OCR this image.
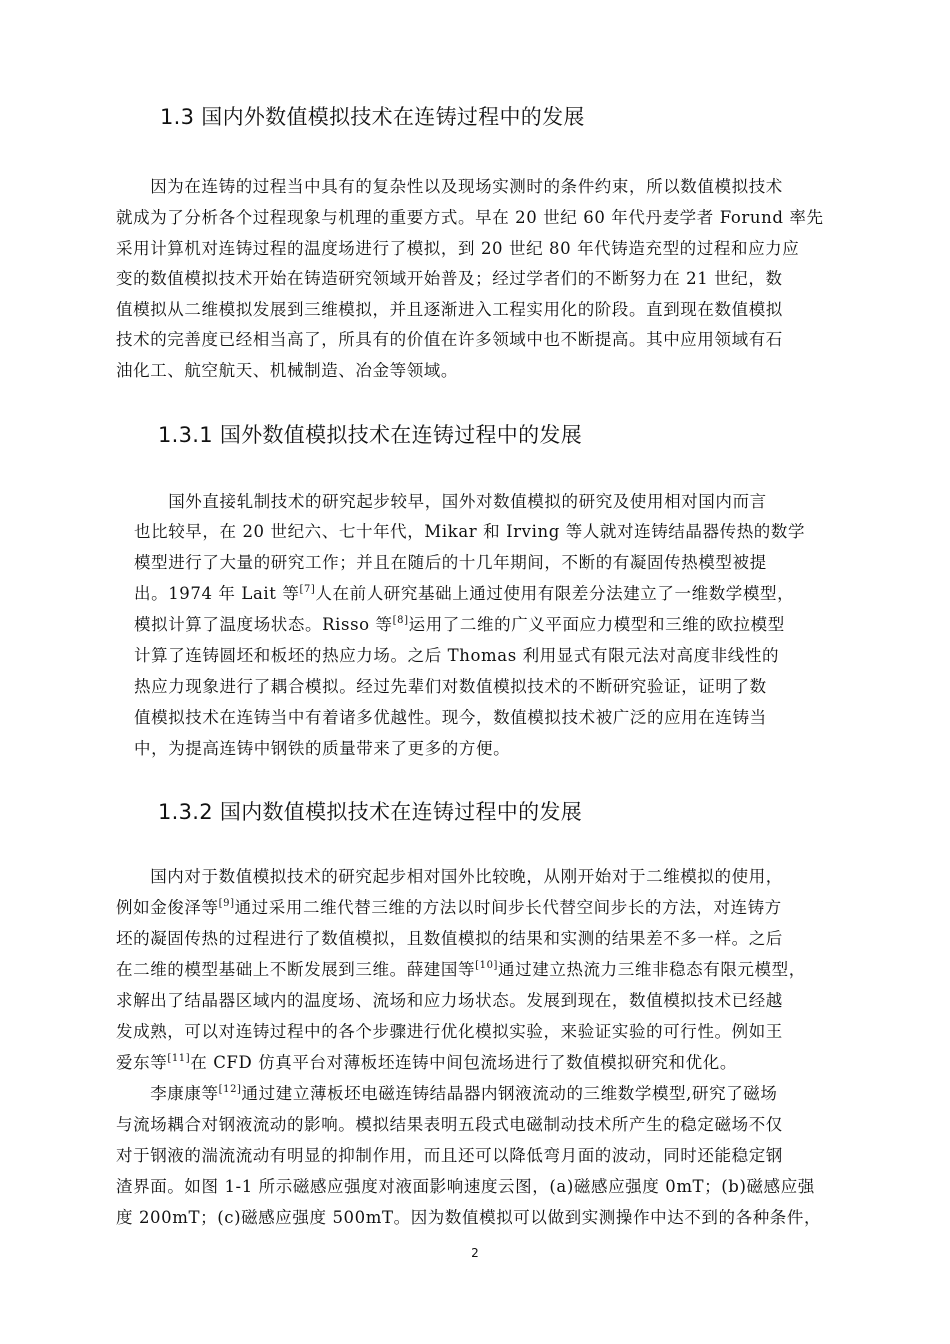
1.3 国内外数值模拟技术在连铸过程中的发展
　　因为在连铸的过程当中具有的复杂性以及现场实测时的条件约束，所以数值模拟技术
就成为了分析各个过程现象与机理的重要方式。早在 20 世纪 60 年代丹麦学者 Forund 率先
采用计算机对连铸过程的温度场进行了模拟，到 20 世纪 80 年代铸造充型的过程和应力应
变的数值模拟技术开始在铸造研究领域开始普及；经过学者们的不断努力在 21 世纪，数
值模拟从二维模拟发展到三维模拟，并且逐渐进入工程实用化的阶段。直到现在数值模拟
技术的完善度已经相当高了，所具有的价值在许多领域中也不断提高。其中应用领域有石
油化工、航空航天、机械制造、冶金等领域。
1.3.1 国外数值模拟技术在连铸过程中的发展
　　国外直接轧制技术的研究起步较早，国外对数值模拟的研究及使用相对国内而言
也比较早，在 20 世纪六、七十年代，Mikar 和 Irving 等人就对连铸结晶器传热的数学
模型进行了大量的研究工作；并且在随后的十几年期间，不断的有凝固传热模型被提
出。1974 年 Lait 等[7]人在前人研究基础上通过使用有限差分法建立了一维数学模型，
模拟计算了温度场状态。Risso 等[8]运用了二维的广义平面应力模型和三维的欧拉模型
计算了连铸圆坯和板坯的热应力场。之后 Thomas 利用显式有限元法对高度非线性的
热应力现象进行了耦合模拟。经过先辈们对数值模拟技术的不断研究验证，证明了数
值模拟技术在连铸当中有着诸多优越性。现今，数值模拟技术被广泛的应用在连铸当
中，为提高连铸中钢铁的质量带来了更多的方便。
1.3.2 国内数值模拟技术在连铸过程中的发展
　　国内对于数值模拟技术的研究起步相对国外比较晚，从刚开始对于二维模拟的使用，
例如金俊泽等[9]通过采用二维代替三维的方法以时间步长代替空间步长的方法，对连铸方
坯的凝固传热的过程进行了数值模拟，且数值模拟的结果和实测的结果差不多一样。之后
在二维的模型基础上不断发展到三维。薛建国等[10]通过建立热流力三维非稳态有限元模型，
求解出了结晶器区域内的温度场、流场和应力场状态。发展到现在，数值模拟技术已经越
发成熟，可以对连铸过程中的各个步骤进行优化模拟实验，来验证实验的可行性。例如王
爱东等[11]在 CFD 仿真平台对薄板坯连铸中间包流场进行了数值模拟研究和优化。
　　李康康等[12]通过建立薄板坯电磁连铸结晶器内钢液流动的三维数学模型,研究了磁场
与流场耦合对钢液流动的影响。模拟结果表明五段式电磁制动技术所产生的稳定磁场不仅
对于钢液的湍流流动有明显的抑制作用，而且还可以降低弯月面的波动，同时还能稳定钢
渣界面。如图 1-1 所示磁感应强度对液面影响速度云图，(a)磁感应强度 0mT；(b)磁感应强
度 200mT；(c)磁感应强度 500mT。因为数值模拟可以做到实测操作中达不到的各种条件，
2
